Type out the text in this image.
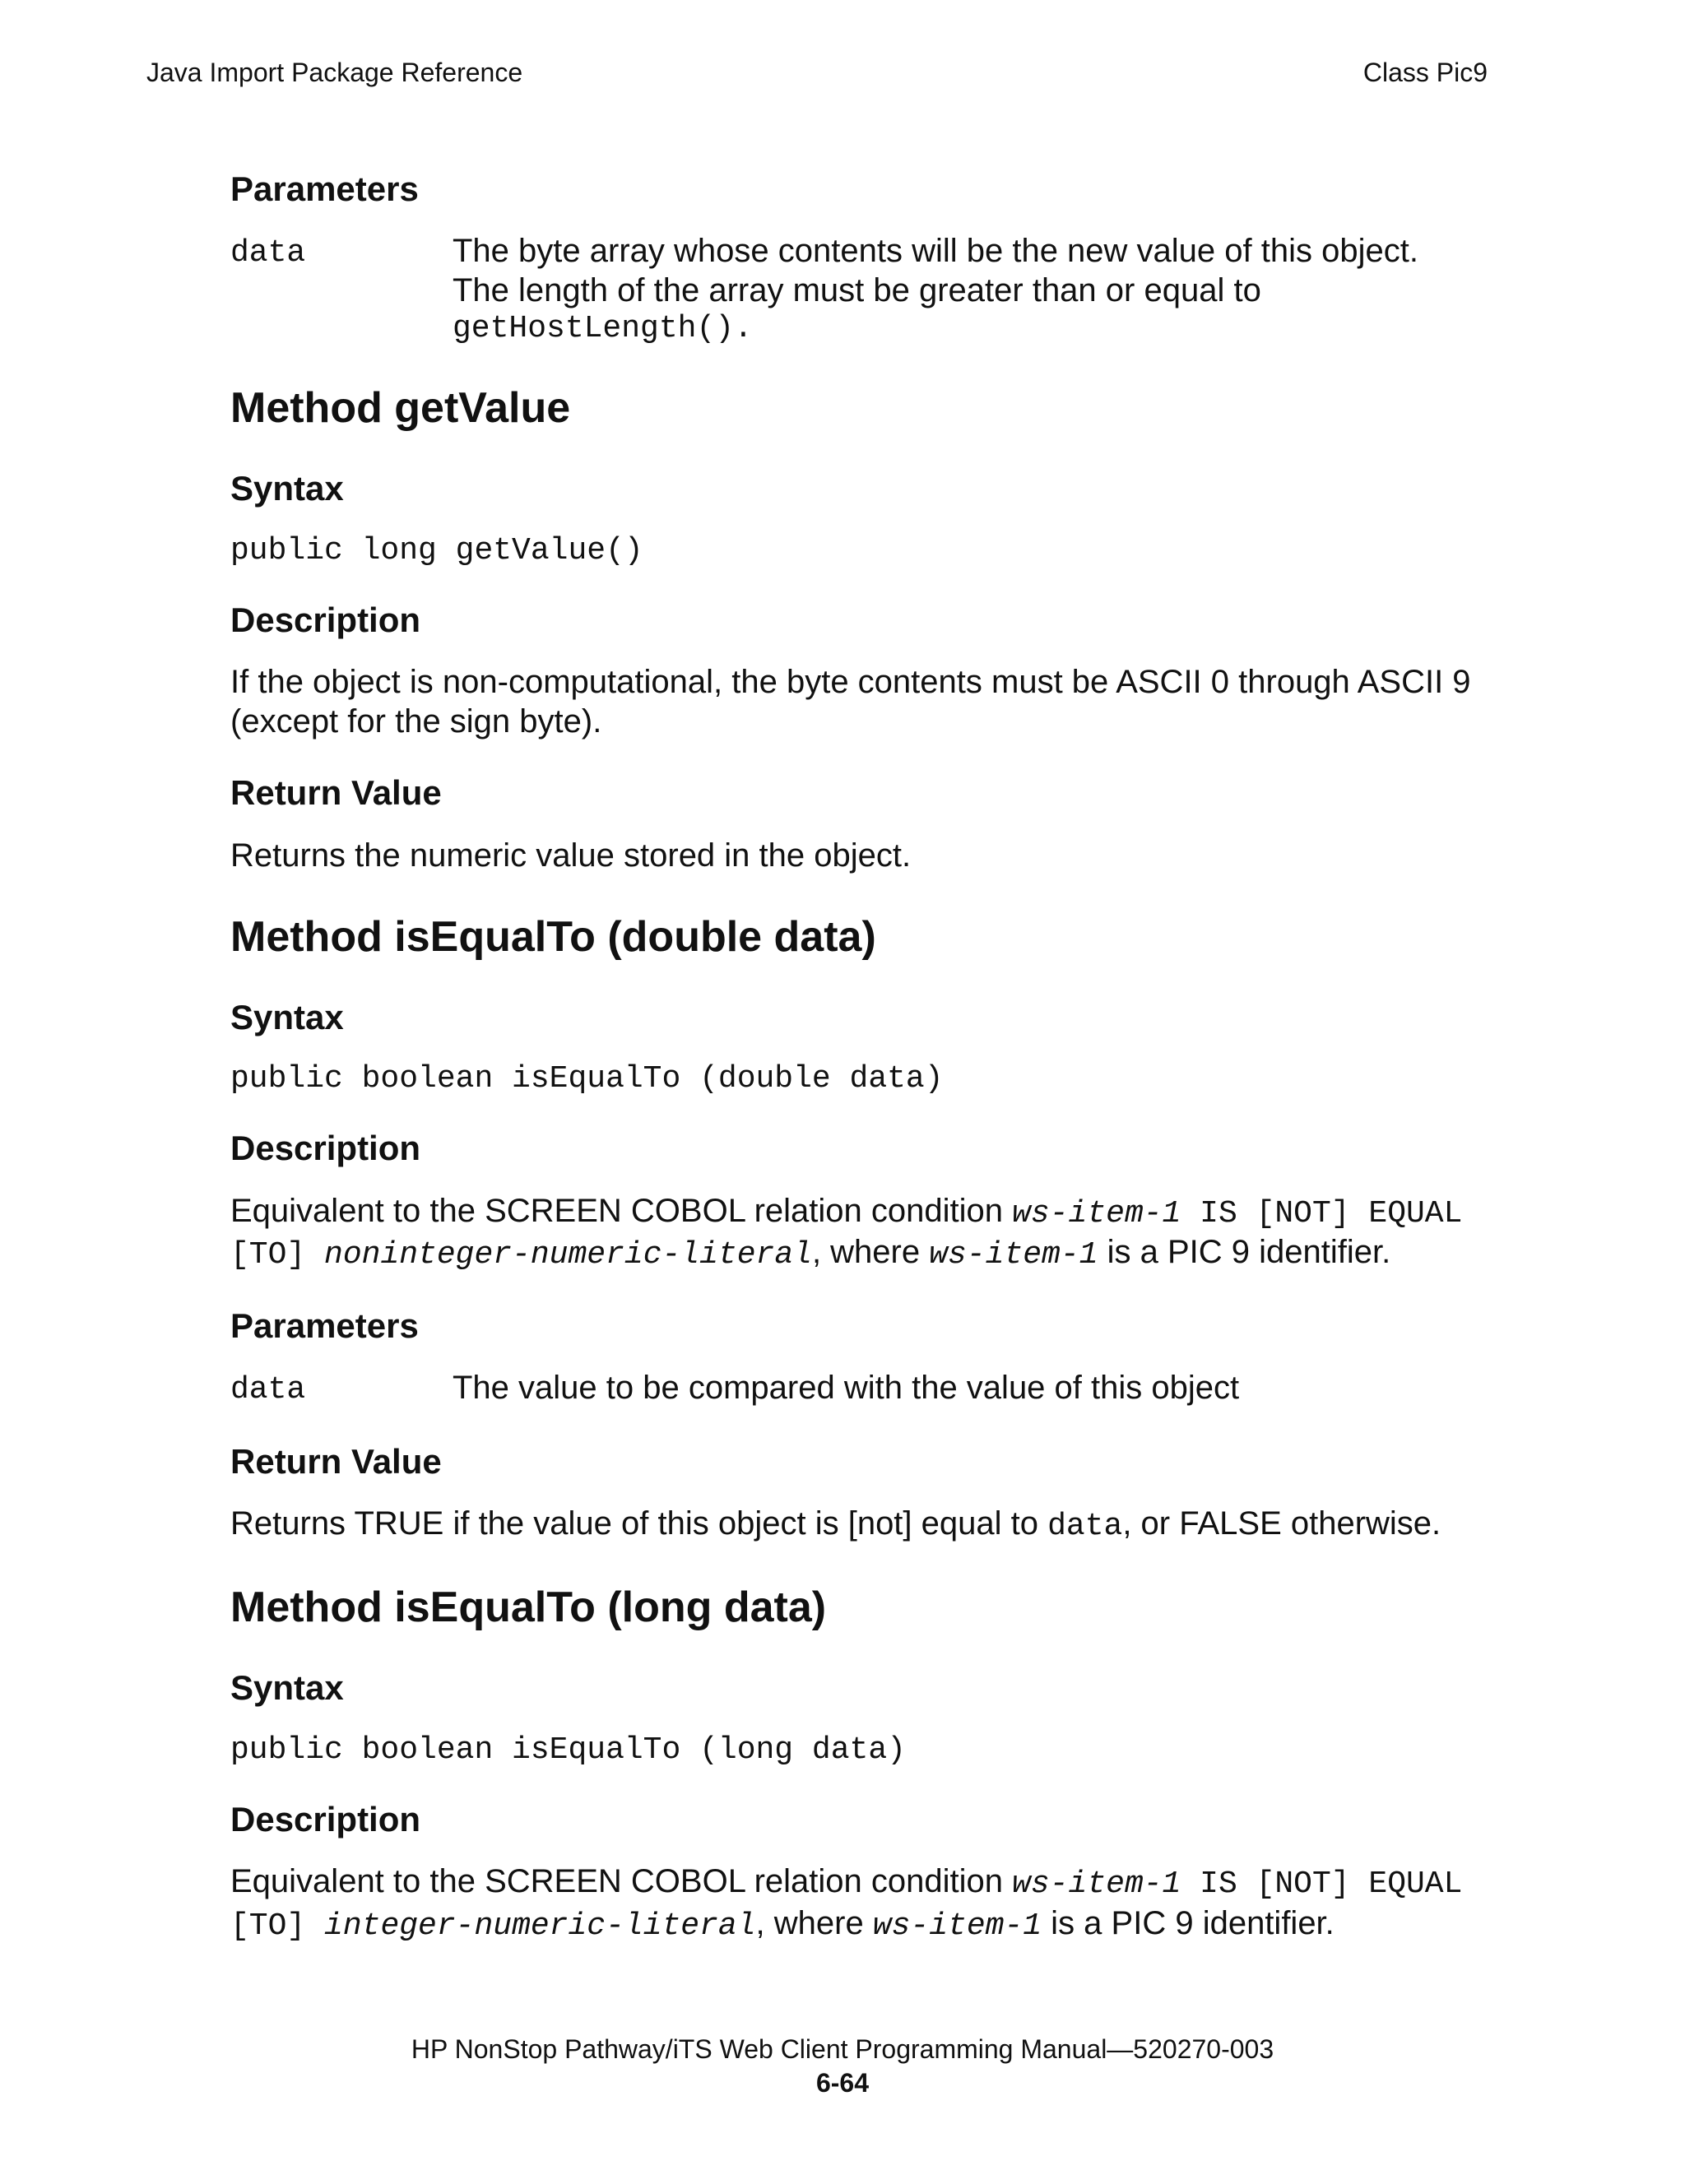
Java Import Package Reference	Class Pic9
Parameters
data	The byte array whose contents will be the new value of this object.
The length of the array must be greater than or equal to
getHostLength().
Method getValue
Syntax
public long getValue()
Description

If the object is non-computational, the byte contents must be ASCII 0 through ASCII 9 (except for the sign byte).

Return Value

Returns the numeric value stored in the object.

Method isEqualTo (double data)
Syntax
public boolean isEqualTo (double data)
Description

Equivalent to the SCREEN COBOL relation condition ws-item-1 IS [NOT] EQUAL [TO] noninteger-numeric-literal, where ws-item-1 is a PIC 9 identifier.

Parameters
data	The value to be compared with the value of this object
Return Value

Returns TRUE if the value of this object is [not] equal to data, or FALSE otherwise.

Method isEqualTo (long data)
Syntax
public boolean isEqualTo (long data)
Description

Equivalent to the SCREEN COBOL relation condition ws-item-1 IS [NOT] EQUAL [TO] integer-numeric-literal, where ws-item-1 is a PIC 9 identifier.

HP NonStop Pathway/iTS Web Client Programming Manual—520270-003
6-64
